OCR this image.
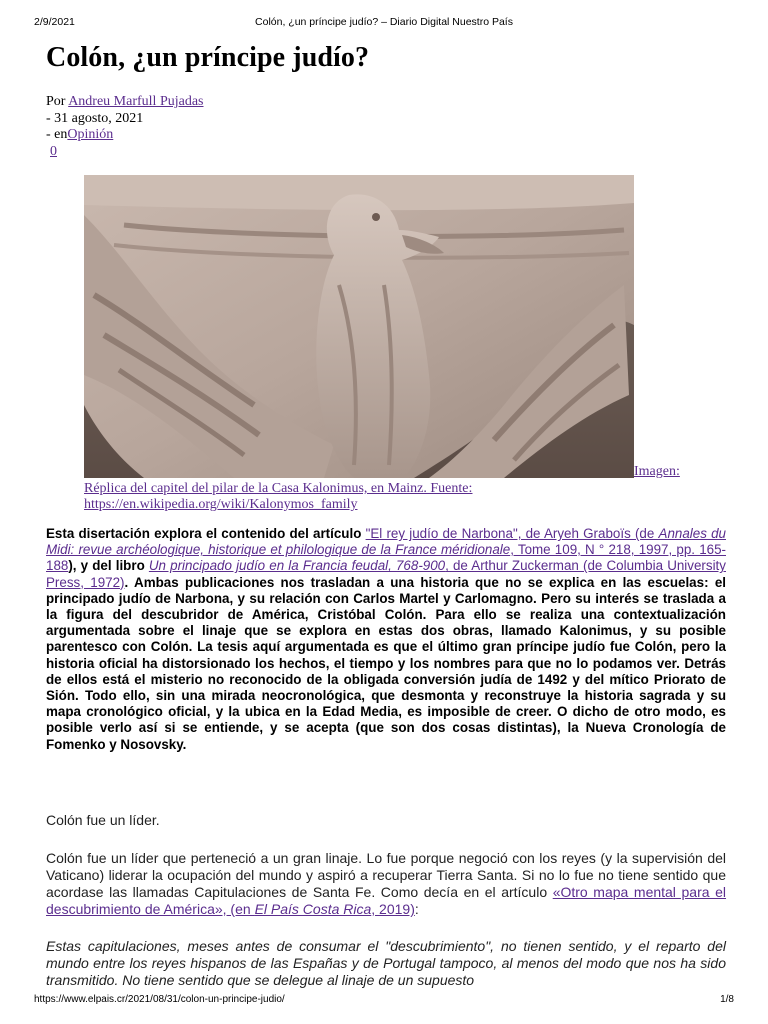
2/9/2021	Colón, ¿un príncipe judío? – Diario Digital Nuestro País
Colón, ¿un príncipe judío?
Por Andreu Marfull Pujadas
- 31 agosto, 2021
- enOpinión
0
Imagen:
Réplica del capitel del pilar de la Casa Kalonimus, en Mainz. Fuente:
https://en.wikipedia.org/wiki/Kalonymos_family
Esta disertación explora el contenido del artículo "El rey judío de Narbona", de Aryeh Graboïs (de Annales du Midi: revue archéologique, historique et philologique de la France méridionale, Tome 109, N ° 218, 1997, pp. 165-188), y del libro Un principado judío en la Francia feudal, 768-900, de Arthur Zuckerman (de Columbia University Press, 1972). Ambas publicaciones nos trasladan a una historia que no se explica en las escuelas: el principado judío de Narbona, y su relación con Carlos Martel y Carlomagno. Pero su interés se traslada a la figura del descubridor de América, Cristóbal Colón. Para ello se realiza una contextualización argumentada sobre el linaje que se explora en estas dos obras, llamado Kalonimus, y su posible parentesco con Colón. La tesis aquí argumentada es que el último gran príncipe judío fue Colón, pero la historia oficial ha distorsionado los hechos, el tiempo y los nombres para que no lo podamos ver. Detrás de ellos está el misterio no reconocido de la obligada conversión judía de 1492 y del mítico Priorato de Sión. Todo ello, sin una mirada neocronológica, que desmonta y reconstruye la historia sagrada y su mapa cronológico oficial, y la ubica en la Edad Media, es imposible de creer. O dicho de otro modo, es posible verlo así si se entiende, y se acepta (que son dos cosas distintas), la Nueva Cronología de Fomenko y Nosovsky.
Colón fue un líder.
Colón fue un líder que perteneció a un gran linaje. Lo fue porque negoció con los reyes (y la supervisión del Vaticano) liderar la ocupación del mundo y aspiró a recuperar Tierra Santa. Si no lo fue no tiene sentido que acordase las llamadas Capitulaciones de Santa Fe. Como decía en el artículo «Otro mapa mental para el descubrimiento de América», (en El País Costa Rica, 2019):
Estas capitulaciones, meses antes de consumar el "descubrimiento", no tienen sentido, y el reparto del mundo entre los reyes hispanos de las Españas y de Portugal tampoco, al menos del modo que nos ha sido transmitido. No tiene sentido que se delegue al linaje de un supuesto
https://www.elpais.cr/2021/08/31/colon-un-principe-judio/	1/8
